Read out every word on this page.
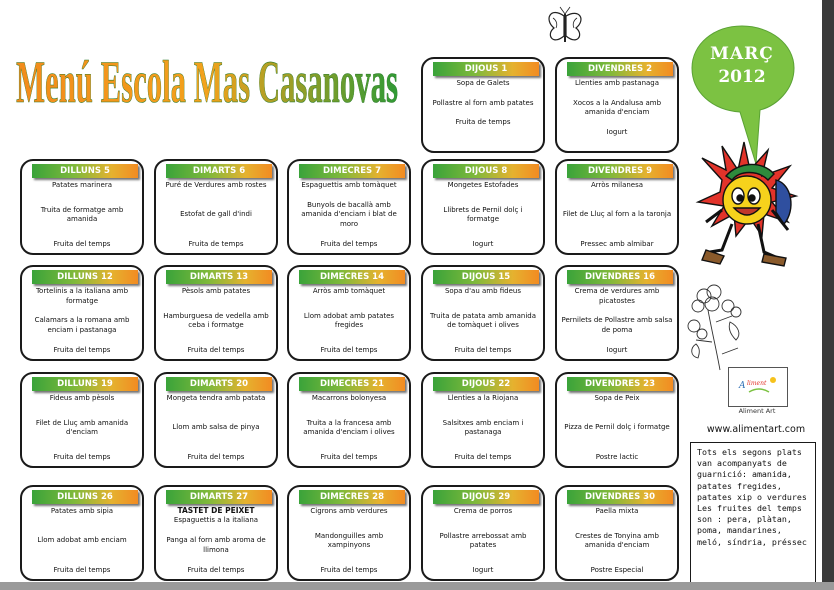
Menú Escola Mas Casanovas	MARÇ
2012
DIJOUS 1
Sopa de Galets
Pollastre al forn amb patates
Fruita de temps
DIVENDRES 2
Llenties amb pastanaga
Xocos a la Andalusa amb amanida d'enciam
Iogurt
DILLUNS 5
Patates marinera
Truita de formatge amb amanida
Fruita del temps
DIMARTS 6
Puré de Verdures amb rostes
Estofat de gall d'indi
Fruita de temps
DIMECRES 7
Espaguettis amb tomàquet
Bunyols de bacallà amb amanida d'enciam i blat de moro
Fruita del temps
DIJOUS 8
Mongetes Estofades
Llibrets de Pernil dolç i formatge
Iogurt
DIVENDRES 9
Arròs milanesa
Filet de Lluç al forn a la taronja
Pressec amb almibar
DILLUNS 12
Tortelinis a la italiana amb formatge
Calamars a la romana amb enciam i pastanaga
Fruita del temps
DIMARTS 13
Pèsols amb patates
Hamburguesa de vedella amb ceba i formatge
Fruita del temps
DIMECRES 14
Arròs amb tomàquet
Llom adobat amb patates fregides
Fruita del temps
DIJOUS 15
Sopa d'au amb fideus
Truita de patata amb amanida de tomàquet i olives
Fruita del temps
DIVENDRES 16
Crema de verdures amb picatostes
Pernilets de Pollastre amb salsa de poma
Iogurt
DILLUNS 19
Fideus amb pèsols
Filet de Lluç amb amanida d'enciam
Fruita del temps
DIMARTS 20
Mongeta tendra amb patata
Llom amb salsa de pinya
Fruita del temps
DIMECRES 21
Macarrons bolonyesa
Truita a la francesa amb amanida d'enciam i olives
Fruita del temps
DIJOUS 22
Llenties a la Riojana
Salsitxes amb enciam i pastanaga
Fruita del temps
DIVENDRES 23
Sopa de Peix
Pizza de Pernil dolç i formatge
Postre lactic
DILLUNS 26
Patates amb sipia
Llom adobat amb enciam
Fruita del temps
DIMARTS 27
TASTET DE PEIXET
Espaguettis a la italiana
Panga al forn amb aroma de llimona
Fruita del temps
DIMECRES 28
Cigrons amb verdures
Mandonguilles amb xampinyons
Fruita del temps
DIJOUS 29
Crema de porros
Pollastre arrebossat amb patates
Iogurt
DIVENDRES 30
Paella mixta
Crestes de Tonyina amb amanida d'enciam
Postre Especial
A liment
Aliment Art
www.alimentart.com
Tots els segons plats van acompanyats de guarnició: amanida, patates fregides, patates xip o verdures Les fruites del temps son : pera, plàtan, poma, mandarines, meló, síndria, préssec
